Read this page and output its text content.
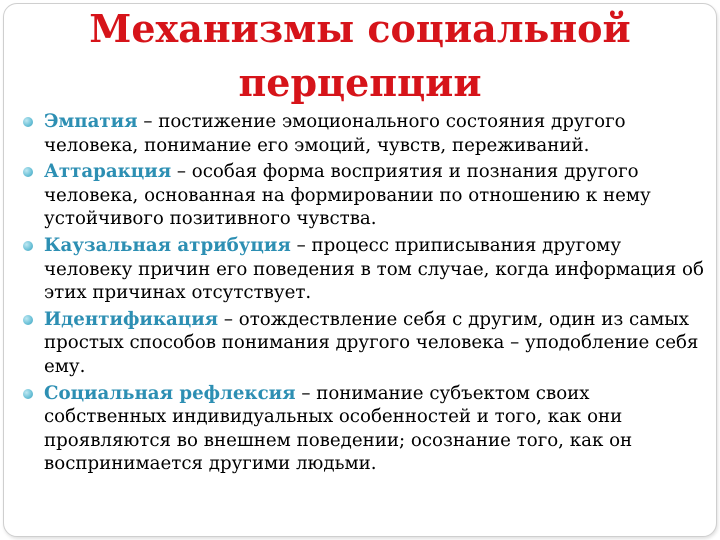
Механизмы социальной
перцепции
Эмпатия – постижение эмоционального состояния другого человека, понимание его эмоций, чувств, переживаний.
Аттаракция – особая форма восприятия и познания другого человека, основанная на формировании по отношению к нему устойчивого позитивного чувства.
Каузальная атрибуция – процесс приписывания другому человеку причин его поведения в том случае, когда информация об этих причинах отсутствует.
Идентификация – отождествление себя с другим, один из самых простых способов понимания другого человека – уподобление себя ему.
Социальная рефлексия – понимание субъектом своих собственных индивидуальных особенностей и того, как они проявляются во внешнем поведении; осознание того, как он воспринимается другими людьми.
